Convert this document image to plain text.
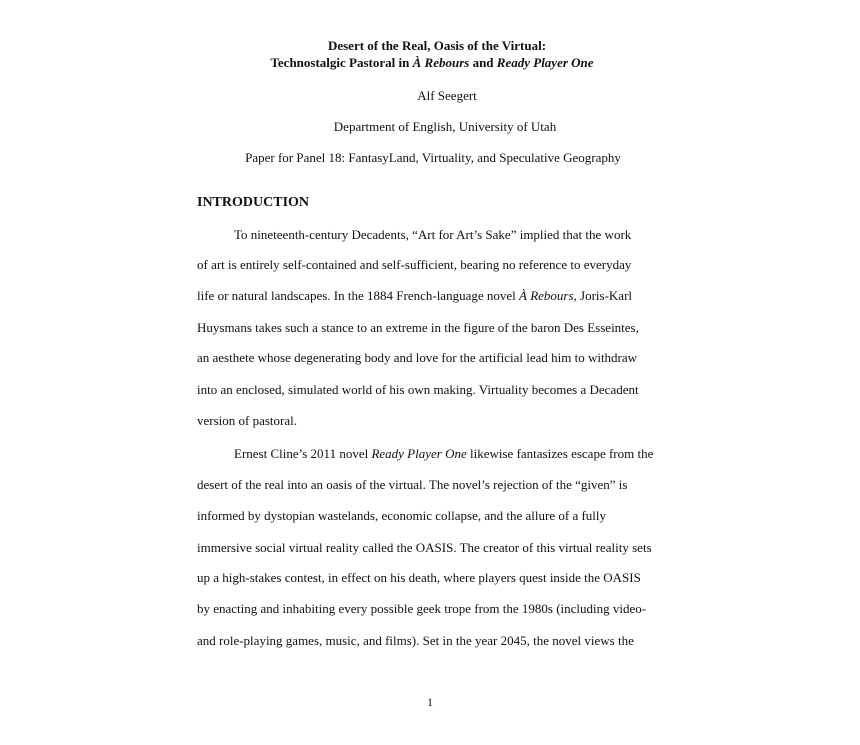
Desert of the Real, Oasis of the Virtual:
Technostalgic Pastoral in À Rebours and Ready Player One
Alf Seegert
Department of English, University of Utah
Paper for Panel 18: FantasyLand, Virtuality, and Speculative Geography
INTRODUCTION
To nineteenth-century Decadents, “Art for Art’s Sake” implied that the work
of art is entirely self-contained and self-sufficient, bearing no reference to everyday
life or natural landscapes. In the 1884 French-language novel À Rebours, Joris-Karl
Huysmans takes such a stance to an extreme in the figure of the baron Des Esseintes,
an aesthete whose degenerating body and love for the artificial lead him to withdraw
into an enclosed, simulated world of his own making. Virtuality becomes a Decadent
version of pastoral.
Ernest Cline’s 2011 novel Ready Player One likewise fantasizes escape from the
desert of the real into an oasis of the virtual. The novel’s rejection of the “given” is
informed by dystopian wastelands, economic collapse, and the allure of a fully
immersive social virtual reality called the OASIS. The creator of this virtual reality sets
up a high-stakes contest, in effect on his death, where players quest inside the OASIS
by enacting and inhabiting every possible geek trope from the 1980s (including video-
and role-playing games, music, and films). Set in the year 2045, the novel views the
1
